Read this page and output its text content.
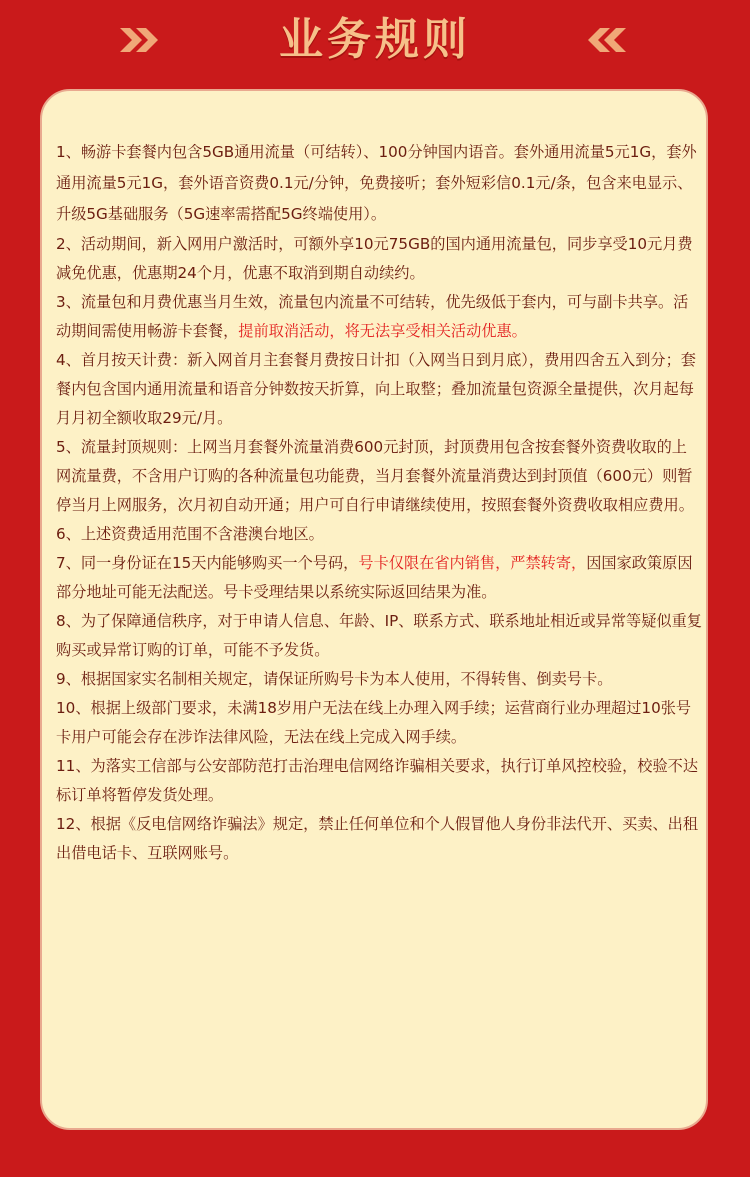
业务规则
1、畅游卡套餐内包含5GB通用流量（可结转）、100分钟国内语音。套外通用流量5元1G，套外通用流量5元1G，套外语音资费0.1元/分钟，免费接听；套外短彩信0.1元/条，包含来电显示、升级5G基础服务（5G速率需搭配5G终端使用）。
2、活动期间，新入网用户激活时，可额外享10元75GB的国内通用流量包，同步享受10元月费减免优惠，优惠期24个月，优惠不取消到期自动续约。
3、流量包和月费优惠当月生效，流量包内流量不可结转，优先级低于套内，可与副卡共享。活动期间需使用畅游卡套餐，提前取消活动，将无法享受相关活动优惠。
4、首月按天计费：新入网首月主套餐月费按日计扣（入网当日到月底），费用四舍五入到分；套餐内包含国内通用流量和语音分钟数按天折算，向上取整；叠加流量包资源全量提供，次月起每月月初全额收取29元/月。
5、流量封顶规则：上网当月套餐外流量消费600元封顶，封顶费用包含按套餐外资费收取的上网流量费，不含用户订购的各种流量包功能费，当月套餐外流量消费达到封顶值（600元）则暂停当月上网服务，次月初自动开通；用户可自行申请继续使用，按照套餐外资费收取相应费用。
6、上述资费适用范围不含港澳台地区。
7、同一身份证在15天内能够购买一个号码，号卡仅限在省内销售，严禁转寄，因国家政策原因部分地址可能无法配送。号卡受理结果以系统实际返回结果为准。
8、为了保障通信秩序，对于申请人信息、年龄、IP、联系方式、联系地址相近或异常等疑似重复购买或异常订购的订单，可能不予发货。
9、根据国家实名制相关规定，请保证所购号卡为本人使用，不得转售、倒卖号卡。
10、根据上级部门要求，未满18岁用户无法在线上办理入网手续；运营商行业办理超过10张号卡用户可能会存在涉诈法律风险，无法在线上完成入网手续。
11、为落实工信部与公安部防范打击治理电信网络诈骗相关要求，执行订单风控校验，校验不达标订单将暂停发货处理。
12、根据《反电信网络诈骗法》规定，禁止任何单位和个人假冒他人身份非法代开、买卖、出租出借电话卡、互联网账号。
